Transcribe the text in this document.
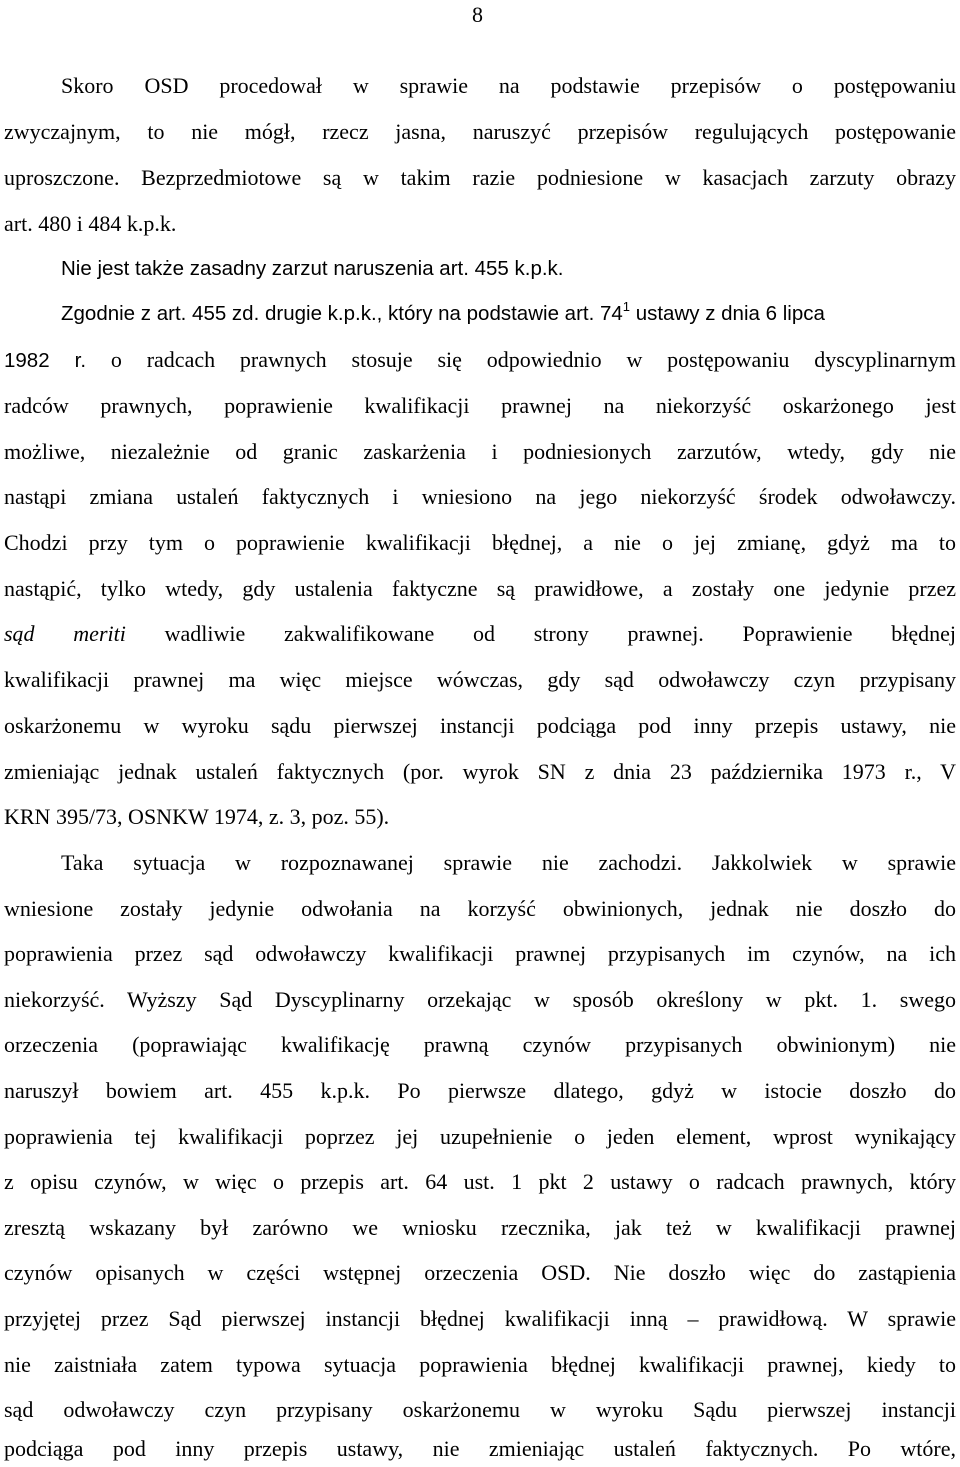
8
Skoro OSD procedował w sprawie na podstawie przepisów o postępowaniu
zwyczajnym, to nie mógł, rzecz jasna, naruszyć przepisów regulujących postępowanie
uproszczone. Bezprzedmiotowe są w takim razie podniesione w kasacjach zarzuty obrazy
art. 480 i 484 k.p.k.
Nie jest także zasadny zarzut naruszenia art. 455 k.p.k.
Zgodnie z art. 455 zd. drugie k.p.k., który na podstawie art. $74^1$ ustawy z dnia 6 lipca
1982 r. o radcach prawnych stosuje się odpowiednio w postępowaniu dyscyplinarnym
radców prawnych, poprawienie kwalifikacji prawnej na niekorzyść oskarżonego jest
możliwe, niezależnie od granic zaskarżenia i podniesionych zarzutów, wtedy, gdy nie
nastąpi zmiana ustaleń faktycznych i wniesiono na jego niekorzyść środek odwoławczy.
Chodzi przy tym o poprawienie kwalifikacji błędnej, a nie o jej zmianę, gdyż ma to
nastąpić, tylko wtedy, gdy ustalenia faktyczne są prawidłowe, a zostały one jedynie przez
sąd meriti wadliwie zakwalifikowane od strony prawnej. Poprawienie błędnej
kwalifikacji prawnej ma więc miejsce wówczas, gdy sąd odwoławczy czyn przypisany
oskarżonemu w wyroku sądu pierwszej instancji podciąga pod inny przepis ustawy, nie
zmieniając jednak ustaleń faktycznych (por. wyrok SN z dnia 23 października 1973 r., V
KRN 395/73, OSNKW 1974, z. 3, poz. 55).
Taka sytuacja w rozpoznawanej sprawie nie zachodzi. Jakkolwiek w sprawie
wniesione zostały jedynie odwołania na korzyść obwinionych, jednak nie doszło do
poprawienia przez sąd odwoławczy kwalifikacji prawnej przypisanych im czynów, na ich
niekorzyść. Wyższy Sąd Dyscyplinarny orzekając w sposób określony w pkt. 1. swego
orzeczenia (poprawiając kwalifikację prawną czynów przypisanych obwinionym) nie
naruszył bowiem art. 455 k.p.k. Po pierwsze dlatego, gdyż w istocie doszło do
poprawienia tej kwalifikacji poprzez jej uzupełnienie o jeden element, wprost wynikający
z opisu czynów, w więc o przepis art. 64 ust. 1 pkt 2 ustawy o radcach prawnych, który
zresztą wskazany był zarówno we wniosku rzecznika, jak też w kwalifikacji prawnej
czynów opisanych w części wstępnej orzeczenia OSD. Nie doszło więc do zastąpienia
przyjętej przez Sąd pierwszej instancji błędnej kwalifikacji inną – prawidłową. W sprawie
nie zaistniała zatem typowa sytuacja poprawienia błędnej kwalifikacji prawnej, kiedy to
sąd odwoławczy czyn przypisany oskarżonemu w wyroku Sądu pierwszej instancji
podciąga pod inny przepis ustawy, nie zmieniając ustaleń faktycznych. Po wtóre,
